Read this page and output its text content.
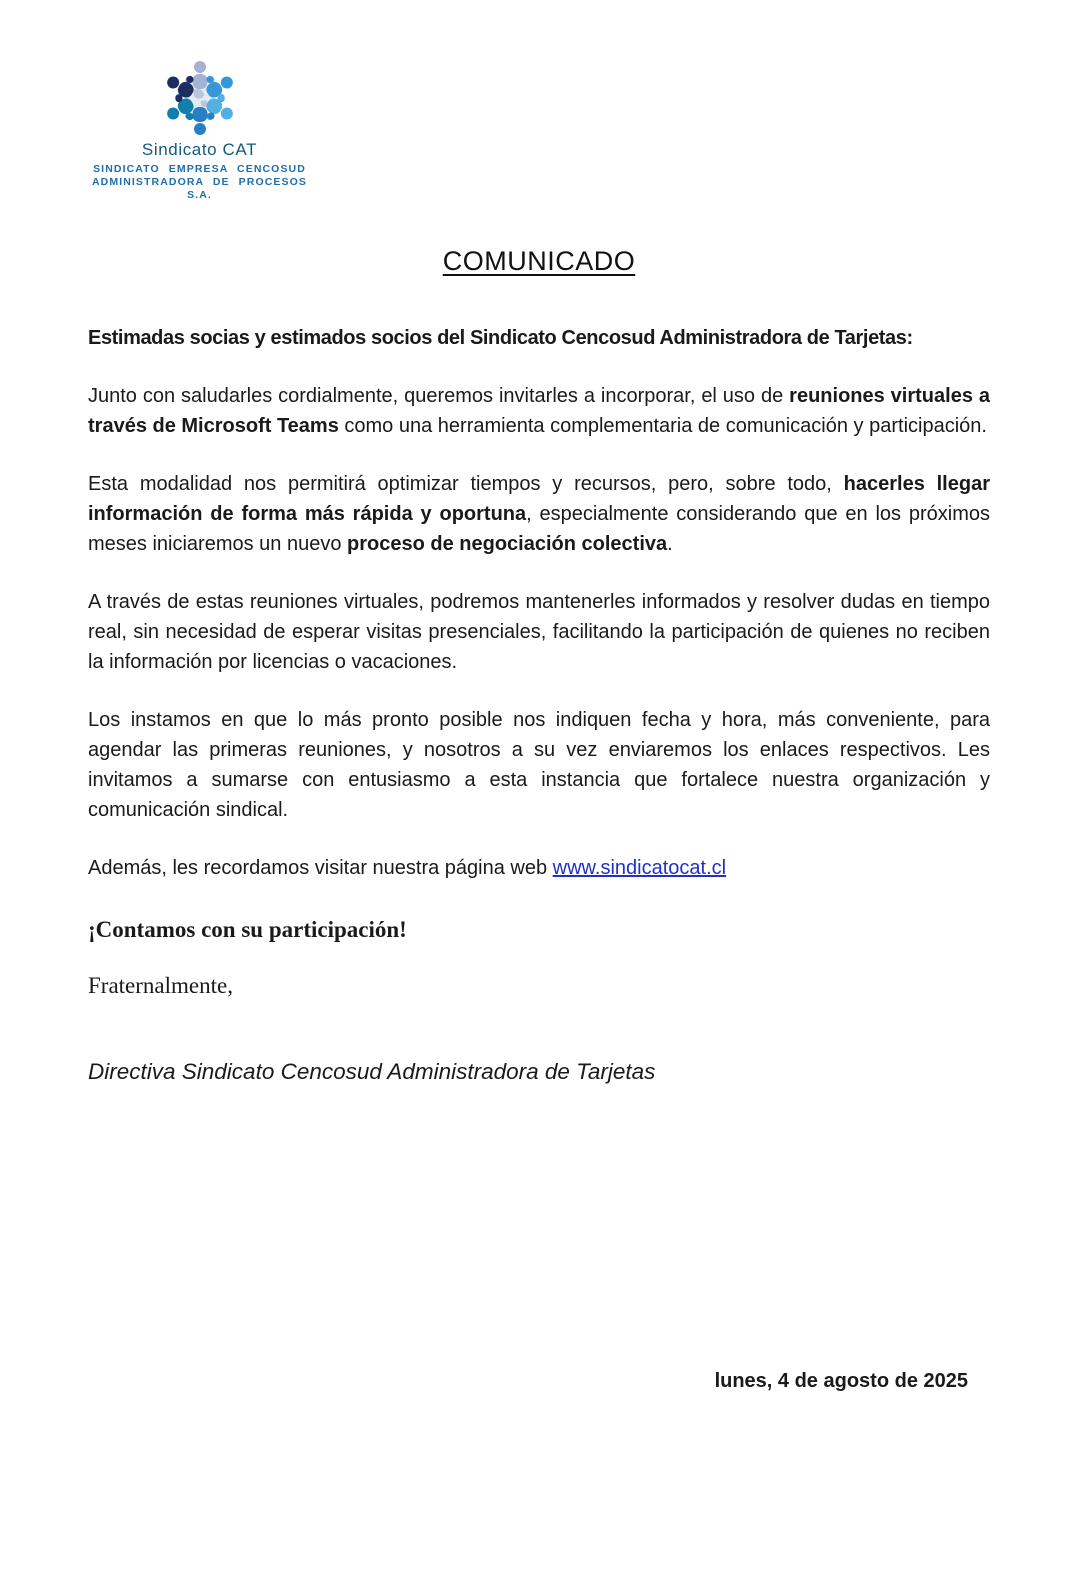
Sindicato CAT
SINDICATO EMPRESA CENCOSUD
ADMINISTRADORA DE PROCESOS S.A.
COMUNICADO

Estimadas socias y estimados socios del Sindicato Cencosud Administradora de Tarjetas:

Junto con saludarles cordialmente, queremos invitarles a incorporar, el uso de reuniones virtuales a través de Microsoft Teams como una herramienta complementaria de comunicación y participación.

Esta modalidad nos permitirá optimizar tiempos y recursos, pero, sobre todo, hacerles llegar información de forma más rápida y oportuna, especialmente considerando que en los próximos meses iniciaremos un nuevo proceso de negociación colectiva.

A través de estas reuniones virtuales, podremos mantenerles informados y resolver dudas en tiempo real, sin necesidad de esperar visitas presenciales, facilitando la participación de quienes no reciben la información por licencias o vacaciones.

Los instamos en que lo más pronto posible nos indiquen fecha y hora, más conveniente, para agendar las primeras reuniones, y nosotros a su vez enviaremos los enlaces respectivos. Les invitamos a sumarse con entusiasmo a esta instancia que fortalece nuestra organización y comunicación sindical.

Además, les recordamos visitar nuestra página web www.sindicatocat.cl

¡Contamos con su participación!

Fraternalmente,

Directiva Sindicato Cencosud Administradora de Tarjetas

lunes, 4 de agosto de 2025
